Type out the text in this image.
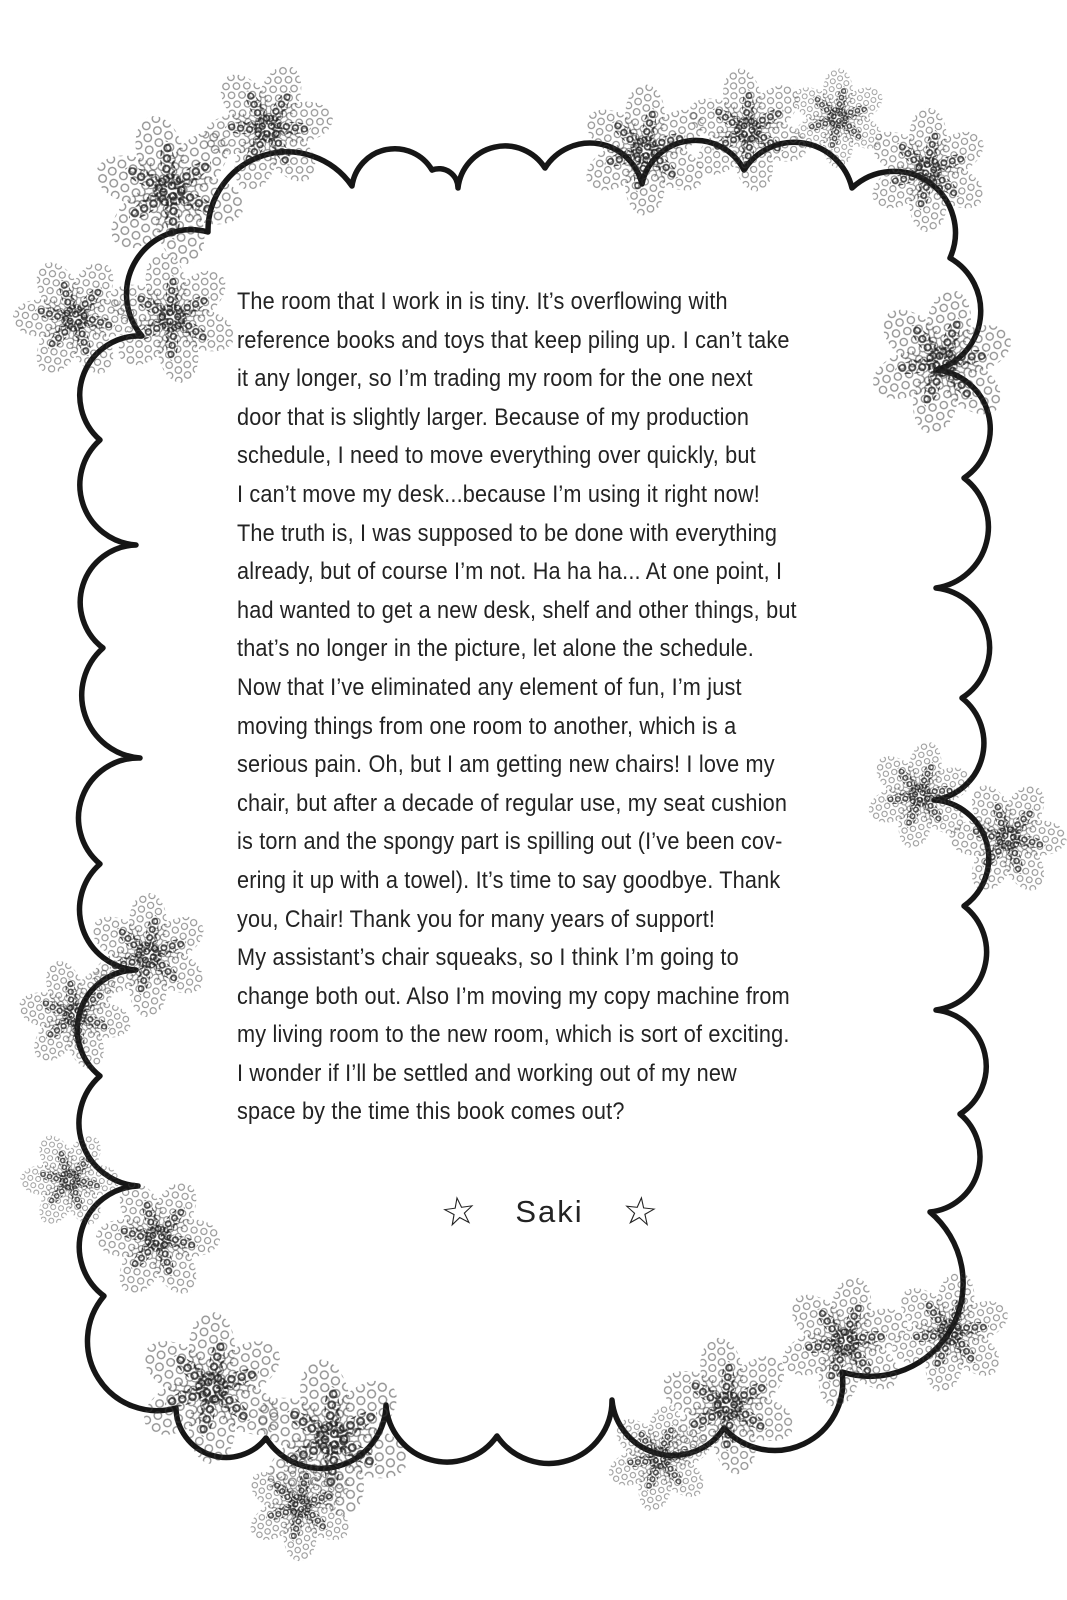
The room that I work in is tiny. It’s overflowing with
reference books and toys that keep piling up. I can’t take
it any longer, so I’m trading my room for the one next
door that is slightly larger. Because of my production
schedule, I need to move everything over quickly, but
I can’t move my desk...because I’m using it right now!
The truth is, I was supposed to be done with everything
already, but of course I’m not. Ha ha ha... At one point, I
had wanted to get a new desk, shelf and other things, but
that’s no longer in the picture, let alone the schedule.
Now that I’ve eliminated any element of fun, I’m just
moving things from one room to another, which is a
serious pain. Oh, but I am getting new chairs! I love my
chair, but after a decade of regular use, my seat cushion
is torn and the spongy part is spilling out (I’ve been cov-
ering it up with a towel). It’s time to say goodbye. Thank
you, Chair! Thank you for many years of support!
My assistant’s chair squeaks, so I think I’m going to
change both out. Also I’m moving my copy machine from
my living room to the new room, which is sort of exciting.
I wonder if I’ll be settled and working out of my new
space by the time this book comes out?
☆ Saki ☆
